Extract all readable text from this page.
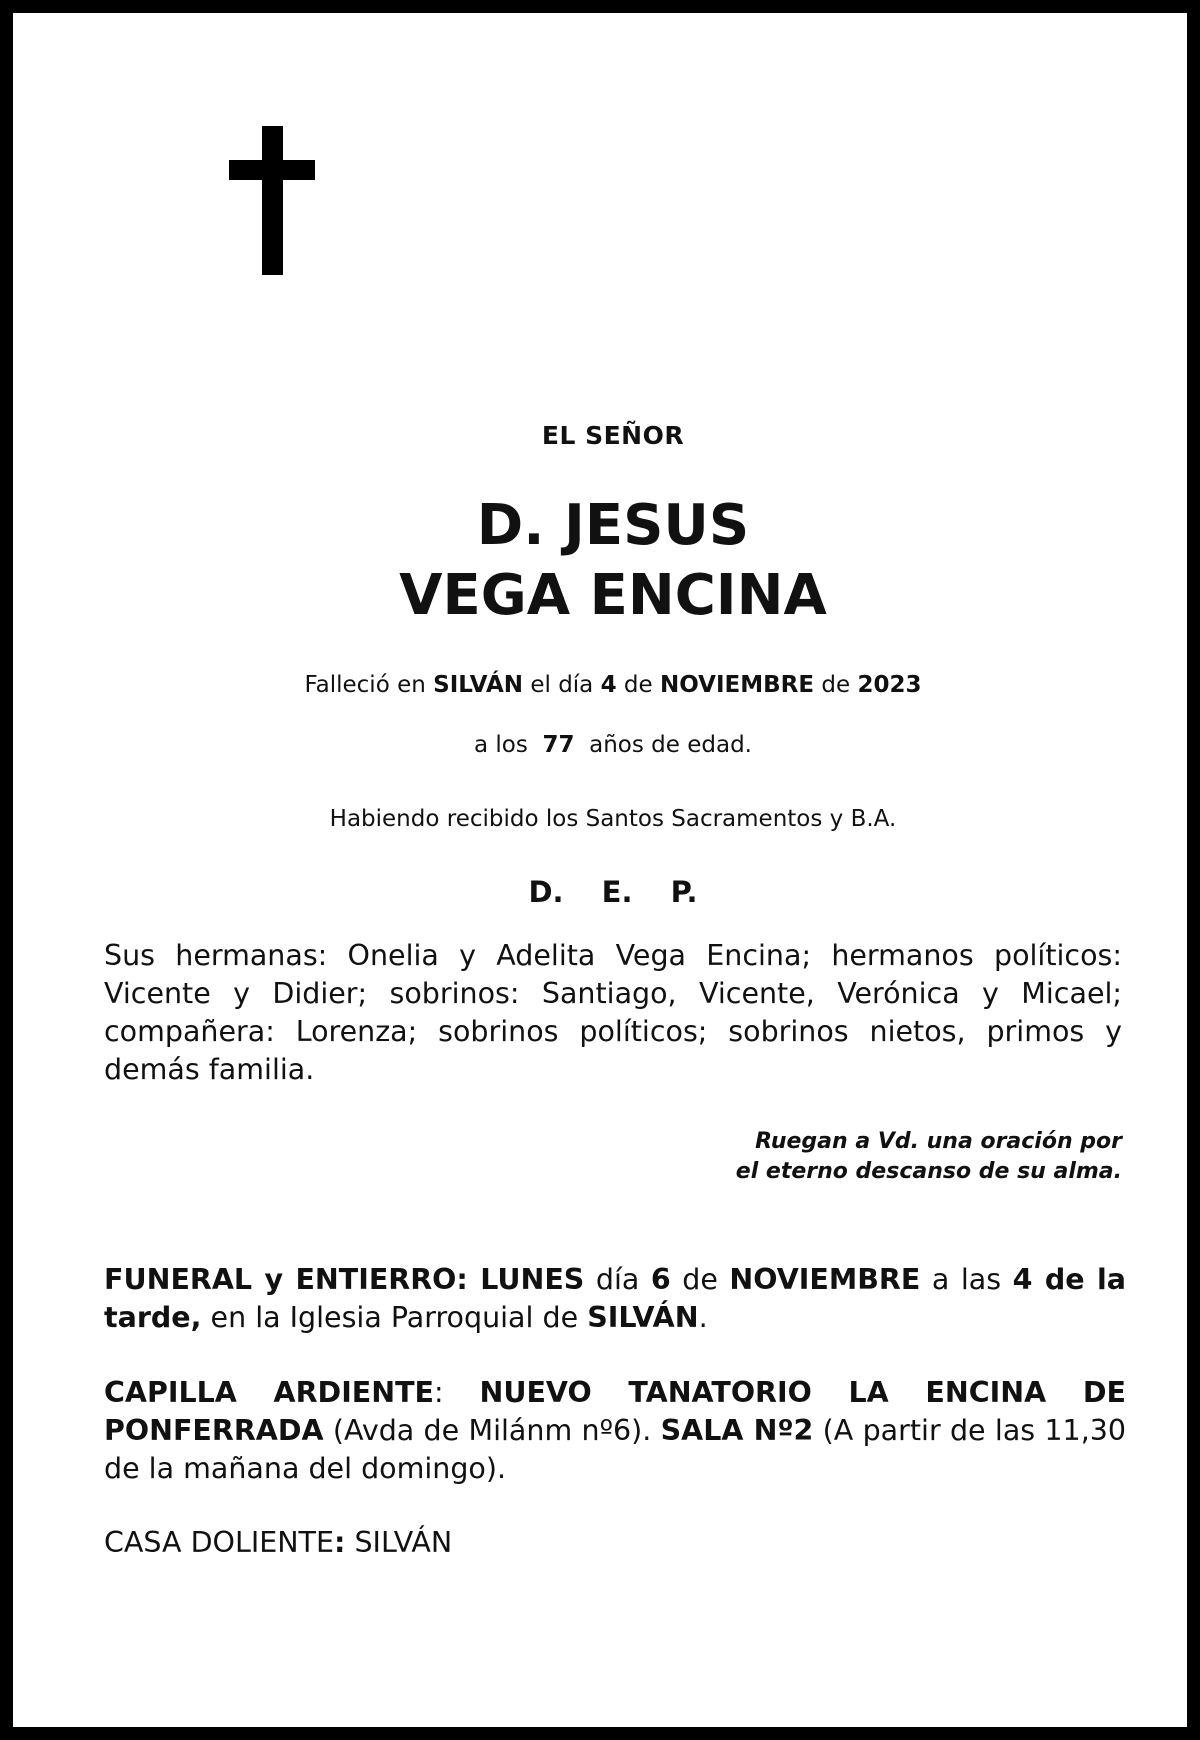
EL SEÑOR
D. JESUS
VEGA ENCINA
Falleció en SILVÁN el día 4 de NOVIEMBRE de 2023
a los 77 años de edad.
Habiendo recibido los Santos Sacramentos y B.A.
D. E. P.
Sus hermanas: Onelia y Adelita Vega Encina; hermanos políticos: Vicente y Didier; sobrinos: Santiago, Vicente, Verónica y Micael; compañera: Lorenza; sobrinos políticos; sobrinos nietos, primos y demás familia.
Ruegan a Vd. una oración por
el eterno descanso de su alma.
FUNERAL y ENTIERRO: LUNES día 6 de NOVIEMBRE a las 4 de la tarde, en la Iglesia Parroquial de SILVÁN.
CAPILLA ARDIENTE: NUEVO TANATORIO LA ENCINA DE PONFERRADA (Avda de Milánm nº6). SALA Nº2 (A partir de las 11,30 de la mañana del domingo).
CASA DOLIENTE: SILVÁN
